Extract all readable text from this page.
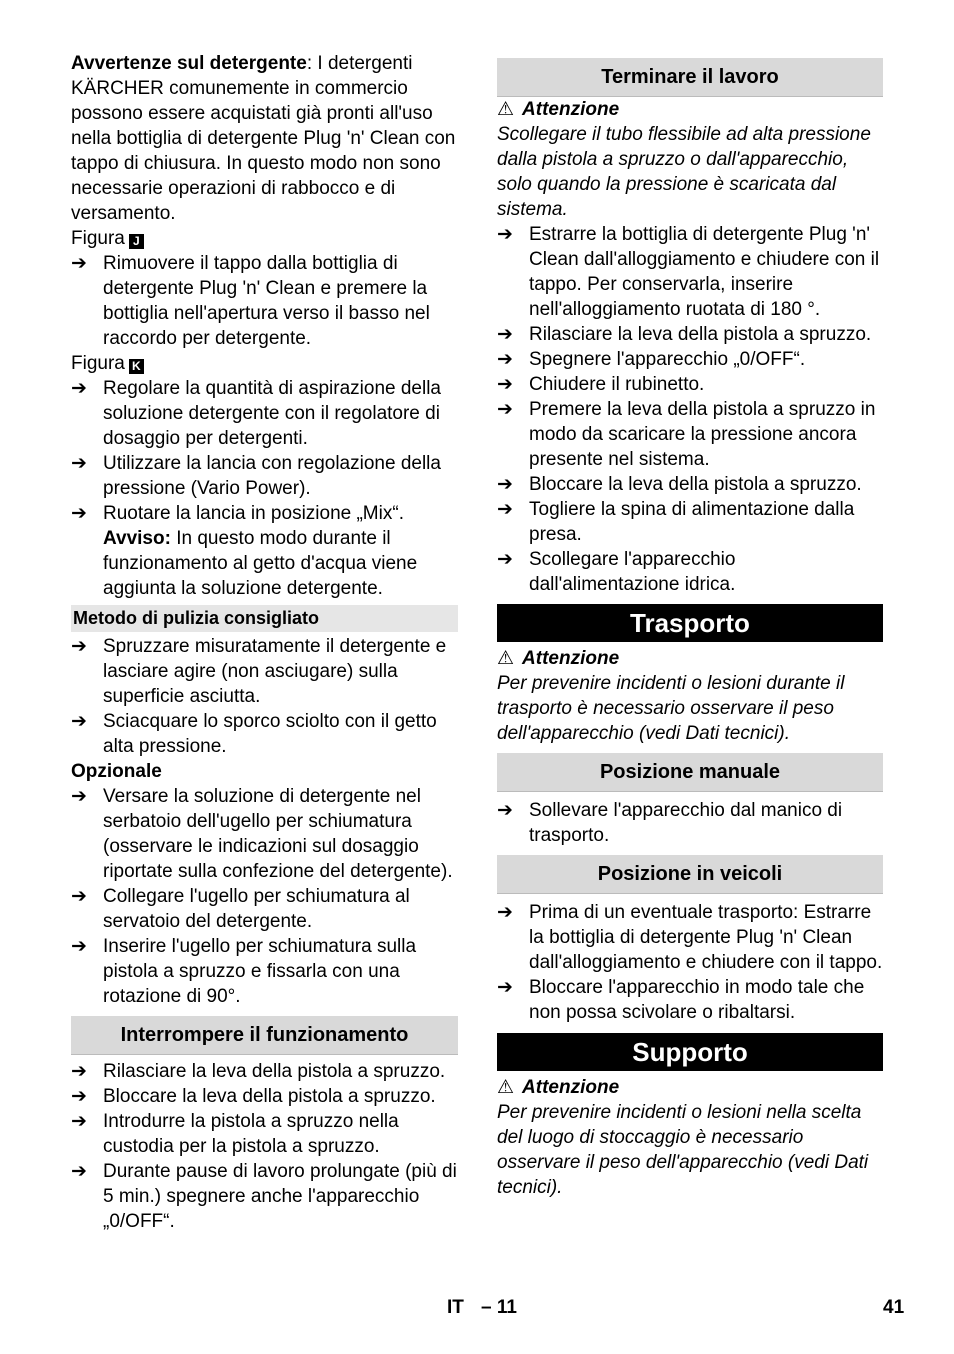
Avvertenze sul detergente: I detergenti KÄRCHER comunemente in commercio possono essere acquistati già pronti all'uso nella bottiglia di detergente Plug 'n' Clean con tappo di chiusura. In questo modo non sono necessarie operazioni di rabbocco e di versamento.

Figura J
➔ Rimuovere il tappo dalla bottiglia di detergente Plug 'n' Clean e premere la bottiglia nell'apertura verso il basso nel raccordo per detergente.
Figura K
➔ Regolare la quantità di aspirazione della soluzione detergente con il regolatore di dosaggio per detergenti.
➔ Utilizzare la lancia con regolazione della pressione (Vario Power).
➔ Ruotare la lancia in posizione „Mix“.
Avviso: In questo modo durante il funzionamento al getto d'acqua viene aggiunta la soluzione detergente.
Metodo di pulizia consigliato
➔ Spruzzare misuratamente il detergente e lasciare agire (non asciugare) sulla superficie asciutta.
➔ Sciacquare lo sporco sciolto con il getto alta pressione.
Opzionale
➔ Versare la soluzione di detergente nel serbatoio dell'ugello per schiumatura (osservare le indicazioni sul dosaggio riportate sulla confezione del detergente).
➔ Collegare l'ugello per schiumatura al servatoio del detergente.
➔ Inserire l'ugello per schiumatura sulla pistola a spruzzo e fissarla con una rotazione di 90°.
Interrompere il funzionamento
➔ Rilasciare la leva della pistola a spruzzo.
➔ Bloccare la leva della pistola a spruzzo.
➔ Introdurre la pistola a spruzzo nella custodia per la pistola a spruzzo.
➔ Durante pause di lavoro prolungate (più di 5 min.) spegnere anche l'apparecchio „0/OFF“.
Terminare il lavoro
⚠ Attenzione

Scollegare il tubo flessibile ad alta pressione dalla pistola a spruzzo o dall'apparecchio, solo quando la pressione è scaricata dal sistema.

➔ Estrarre la bottiglia di detergente Plug 'n' Clean dall'alloggiamento e chiudere con il tappo. Per conservarla, inserire nell'alloggiamento ruotata di 180 °.
➔ Rilasciare la leva della pistola a spruzzo.
➔ Spegnere l'apparecchio „0/OFF“.
➔ Chiudere il rubinetto.
➔ Premere la leva della pistola a spruzzo in modo da scaricare la pressione ancora presente nel sistema.
➔ Bloccare la leva della pistola a spruzzo.
➔ Togliere la spina di alimentazione dalla presa.
➔ Scollegare l'apparecchio dall'alimentazione idrica.
Trasporto
⚠ Attenzione

Per prevenire incidenti o lesioni durante il trasporto è necessario osservare il peso dell'apparecchio (vedi Dati tecnici).

Posizione manuale
➔ Sollevare l'apparecchio dal manico di trasporto.
Posizione in veicoli
➔ Prima di un eventuale trasporto: Estrarre la bottiglia di detergente Plug 'n' Clean dall'alloggiamento e chiudere con il tappo.
➔ Bloccare l'apparecchio in modo tale che non possa scivolare o ribaltarsi.
Supporto
⚠ Attenzione

Per prevenire incidenti o lesioni nella scelta del luogo di stoccaggio è necessario osservare il peso dell'apparecchio (vedi Dati tecnici).

IT – 11	41
